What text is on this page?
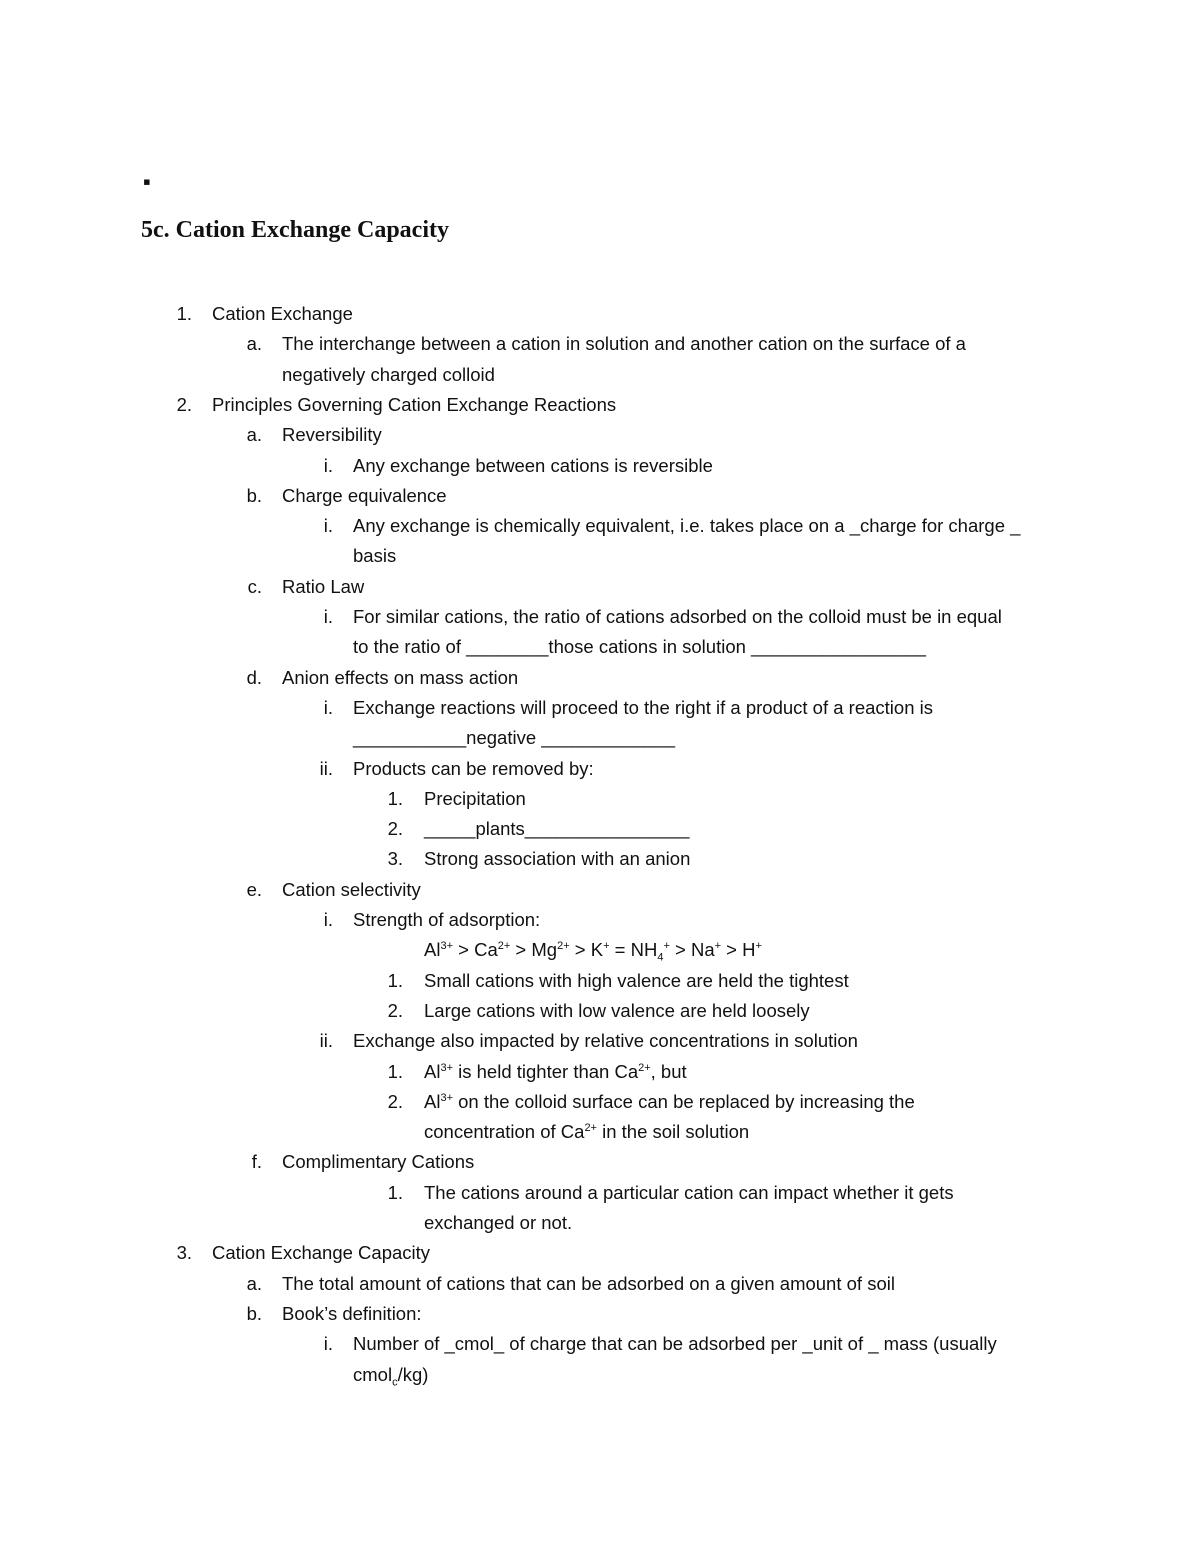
▪
5c. Cation Exchange Capacity
1. Cation Exchange
a. The interchange between a cation in solution and another cation on the surface of a
negatively charged colloid
2. Principles Governing Cation Exchange Reactions
a. Reversibility
i. Any exchange between cations is reversible
b. Charge equivalence
i. Any exchange is chemically equivalent, i.e. takes place on a _charge for charge _
basis
c. Ratio Law
i. For similar cations, the ratio of cations adsorbed on the colloid must be in equal
to the ratio of ________those cations in solution _________________
d. Anion effects on mass action
i. Exchange reactions will proceed to the right if a product of a reaction is
___________negative _____________
ii. Products can be removed by:
1. Precipitation
2. _____plants________________
3. Strong association with an anion
e. Cation selectivity
i. Strength of adsorption:
$Al^{3+} > Ca^{2+} > Mg^{2+} > K^+ = NH_4^+ > Na^+ > H^+$
1. Small cations with high valence are held the tightest
2. Large cations with low valence are held loosely
ii. Exchange also impacted by relative concentrations in solution
1. $Al^{3+}$ is held tighter than $Ca^{2+}$, but
2. $Al^{3+}$ on the colloid surface can be replaced by increasing the
concentration of $Ca^{2+}$ in the soil solution
f. Complimentary Cations
1. The cations around a particular cation can impact whether it gets
exchanged or not.
3. Cation Exchange Capacity
a. The total amount of cations that can be adsorbed on a given amount of soil
b. Book’s definition:
i. Number of _cmol_ of charge that can be adsorbed per _unit of _ mass (usually
cmol$_c$/kg)
